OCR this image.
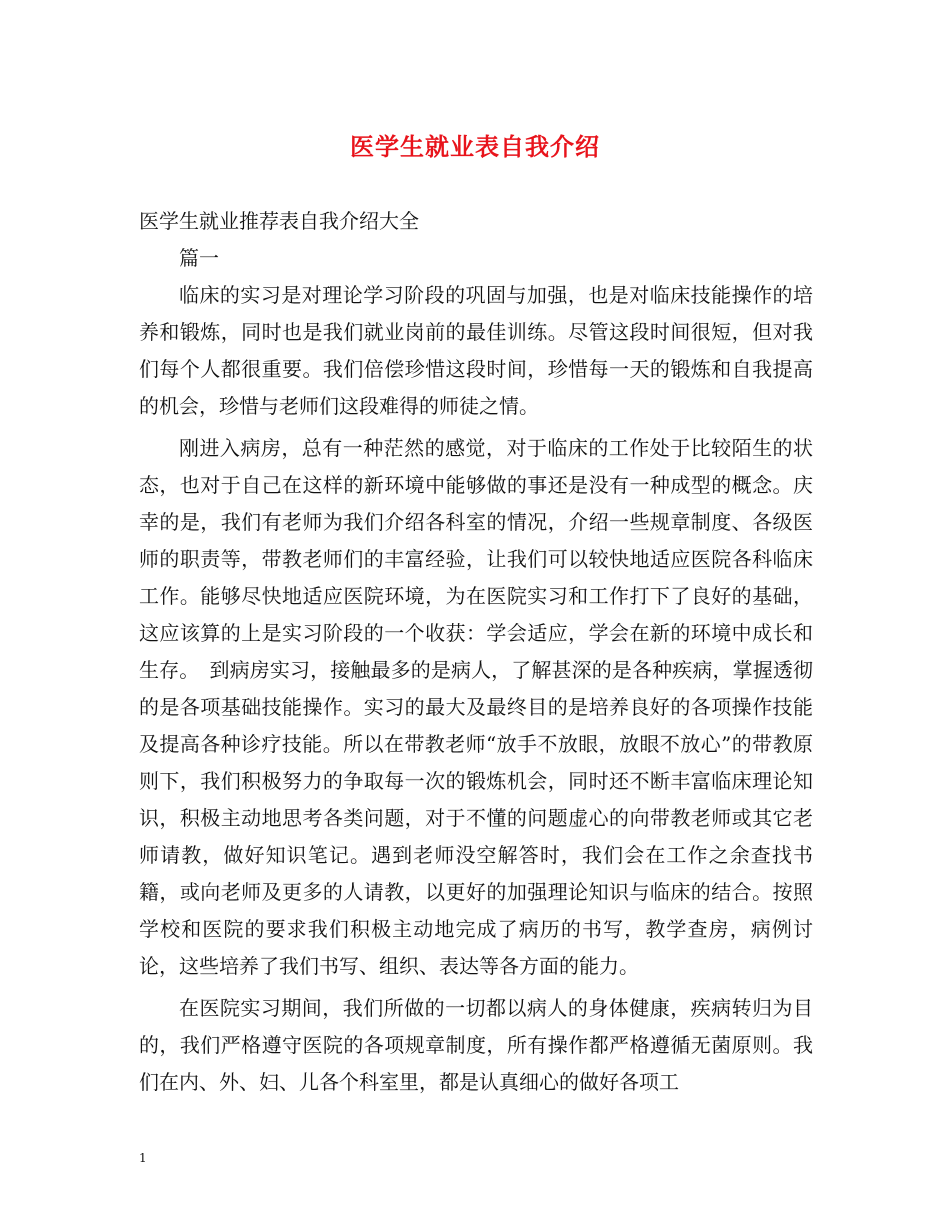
医学生就业表自我介绍

医学生就业推荐表自我介绍大全

篇一

临床的实习是对理论学习阶段的巩固与加强，也是对临床技能操作的培养和锻炼，同时也是我们就业岗前的最佳训练。尽管这段时间很短，但对我们每个人都很重要。我们倍偿珍惜这段时间，珍惜每一天的锻炼和自我提高的机会，珍惜与老师们这段难得的师徒之情。

刚进入病房，总有一种茫然的感觉，对于临床的工作处于比较陌生的状态，也对于自己在这样的新环境中能够做的事还是没有一种成型的概念。庆幸的是，我们有老师为我们介绍各科室的情况，介绍一些规章制度、各级医师的职责等，带教老师们的丰富经验，让我们可以较快地适应医院各科临床工作。能够尽快地适应医院环境，为在医院实习和工作打下了良好的基础，这应该算的上是实习阶段的一个收获：学会适应，学会在新的环境中成长和生存。　到病房实习，接触最多的是病人，了解甚深的是各种疾病，掌握透彻的是各项基础技能操作。实习的最大及最终目的是培养良好的各项操作技能及提高各种诊疗技能。所以在带教老师“放手不放眼，放眼不放心”的带教原则下，我们积极努力的争取每一次的锻炼机会，同时还不断丰富临床理论知识，积极主动地思考各类问题，对于不懂的问题虚心的向带教老师或其它老师请教，做好知识笔记。遇到老师没空解答时，我们会在工作之余查找书籍，或向老师及更多的人请教，以更好的加强理论知识与临床的结合。按照学校和医院的要求我们积极主动地完成了病历的书写，教学查房，病例讨论，这些培养了我们书写、组织、表达等各方面的能力。

在医院实习期间，我们所做的一切都以病人的身体健康，疾病转归为目的，我们严格遵守医院的各项规章制度，所有操作都严格遵循无菌原则。我们在内、外、妇、儿各个科室里，都是认真细心的做好各项工

1
